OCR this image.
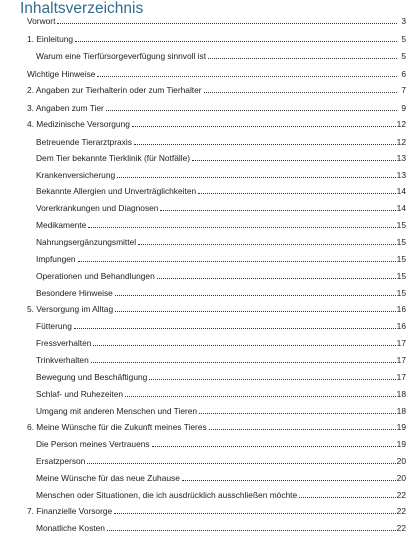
Inhaltsverzeichnis
Vorwort	3
1. Einleitung	5
Warum eine Tierfürsorgeverfügung sinnvoll ist	5
Wichtige Hinweise	6
2. Angaben zur Tierhalterin oder zum Tierhalter	7
3. Angaben zum Tier	9
4. Medizinische Versorgung	12
Betreuende Tierarztpraxis	12
Dem Tier bekannte Tierklinik (für Notfälle)	13
Krankenversicherung	13
Bekannte Allergien und Unverträglichkeiten	14
Vorerkrankungen und Diagnosen	14
Medikamente	15
Nahrungsergänzungsmittel	15
Impfungen	15
Operationen und Behandlungen	15
Besondere Hinweise	15
5. Versorgung im Alltag	16
Fütterung	16
Fressverhalten	17
Trinkverhalten	17
Bewegung und Beschäftigung	17
Schlaf- und Ruhezeiten	18
Umgang mit anderen Menschen und Tieren	18
6. Meine Wünsche für die Zukunft meines Tieres	19
Die Person meines Vertrauens	19
Ersatzperson	20
Meine Wünsche für das neue Zuhause	20
Menschen oder Situationen, die ich ausdrücklich ausschließen möchte	22
7. Finanzielle Vorsorge	22
Monatliche Kosten	22
